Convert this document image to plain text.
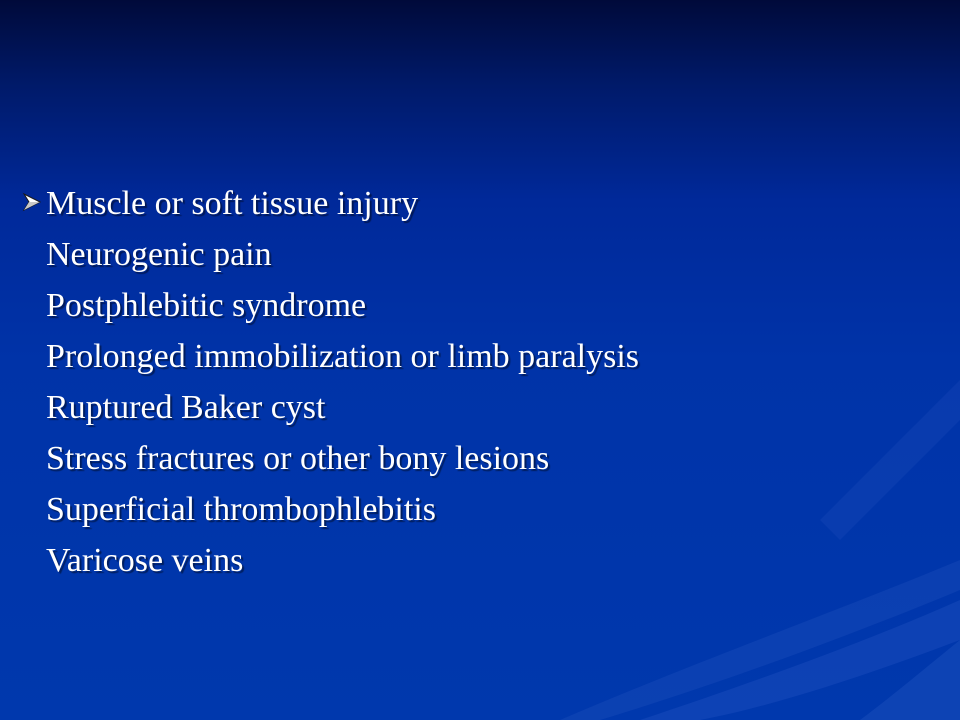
Muscle or soft tissue injury
Neurogenic pain
Postphlebitic syndrome
Prolonged immobilization or limb paralysis
Ruptured Baker cyst
Stress fractures or other bony lesions
Superficial thrombophlebitis
Varicose veins
